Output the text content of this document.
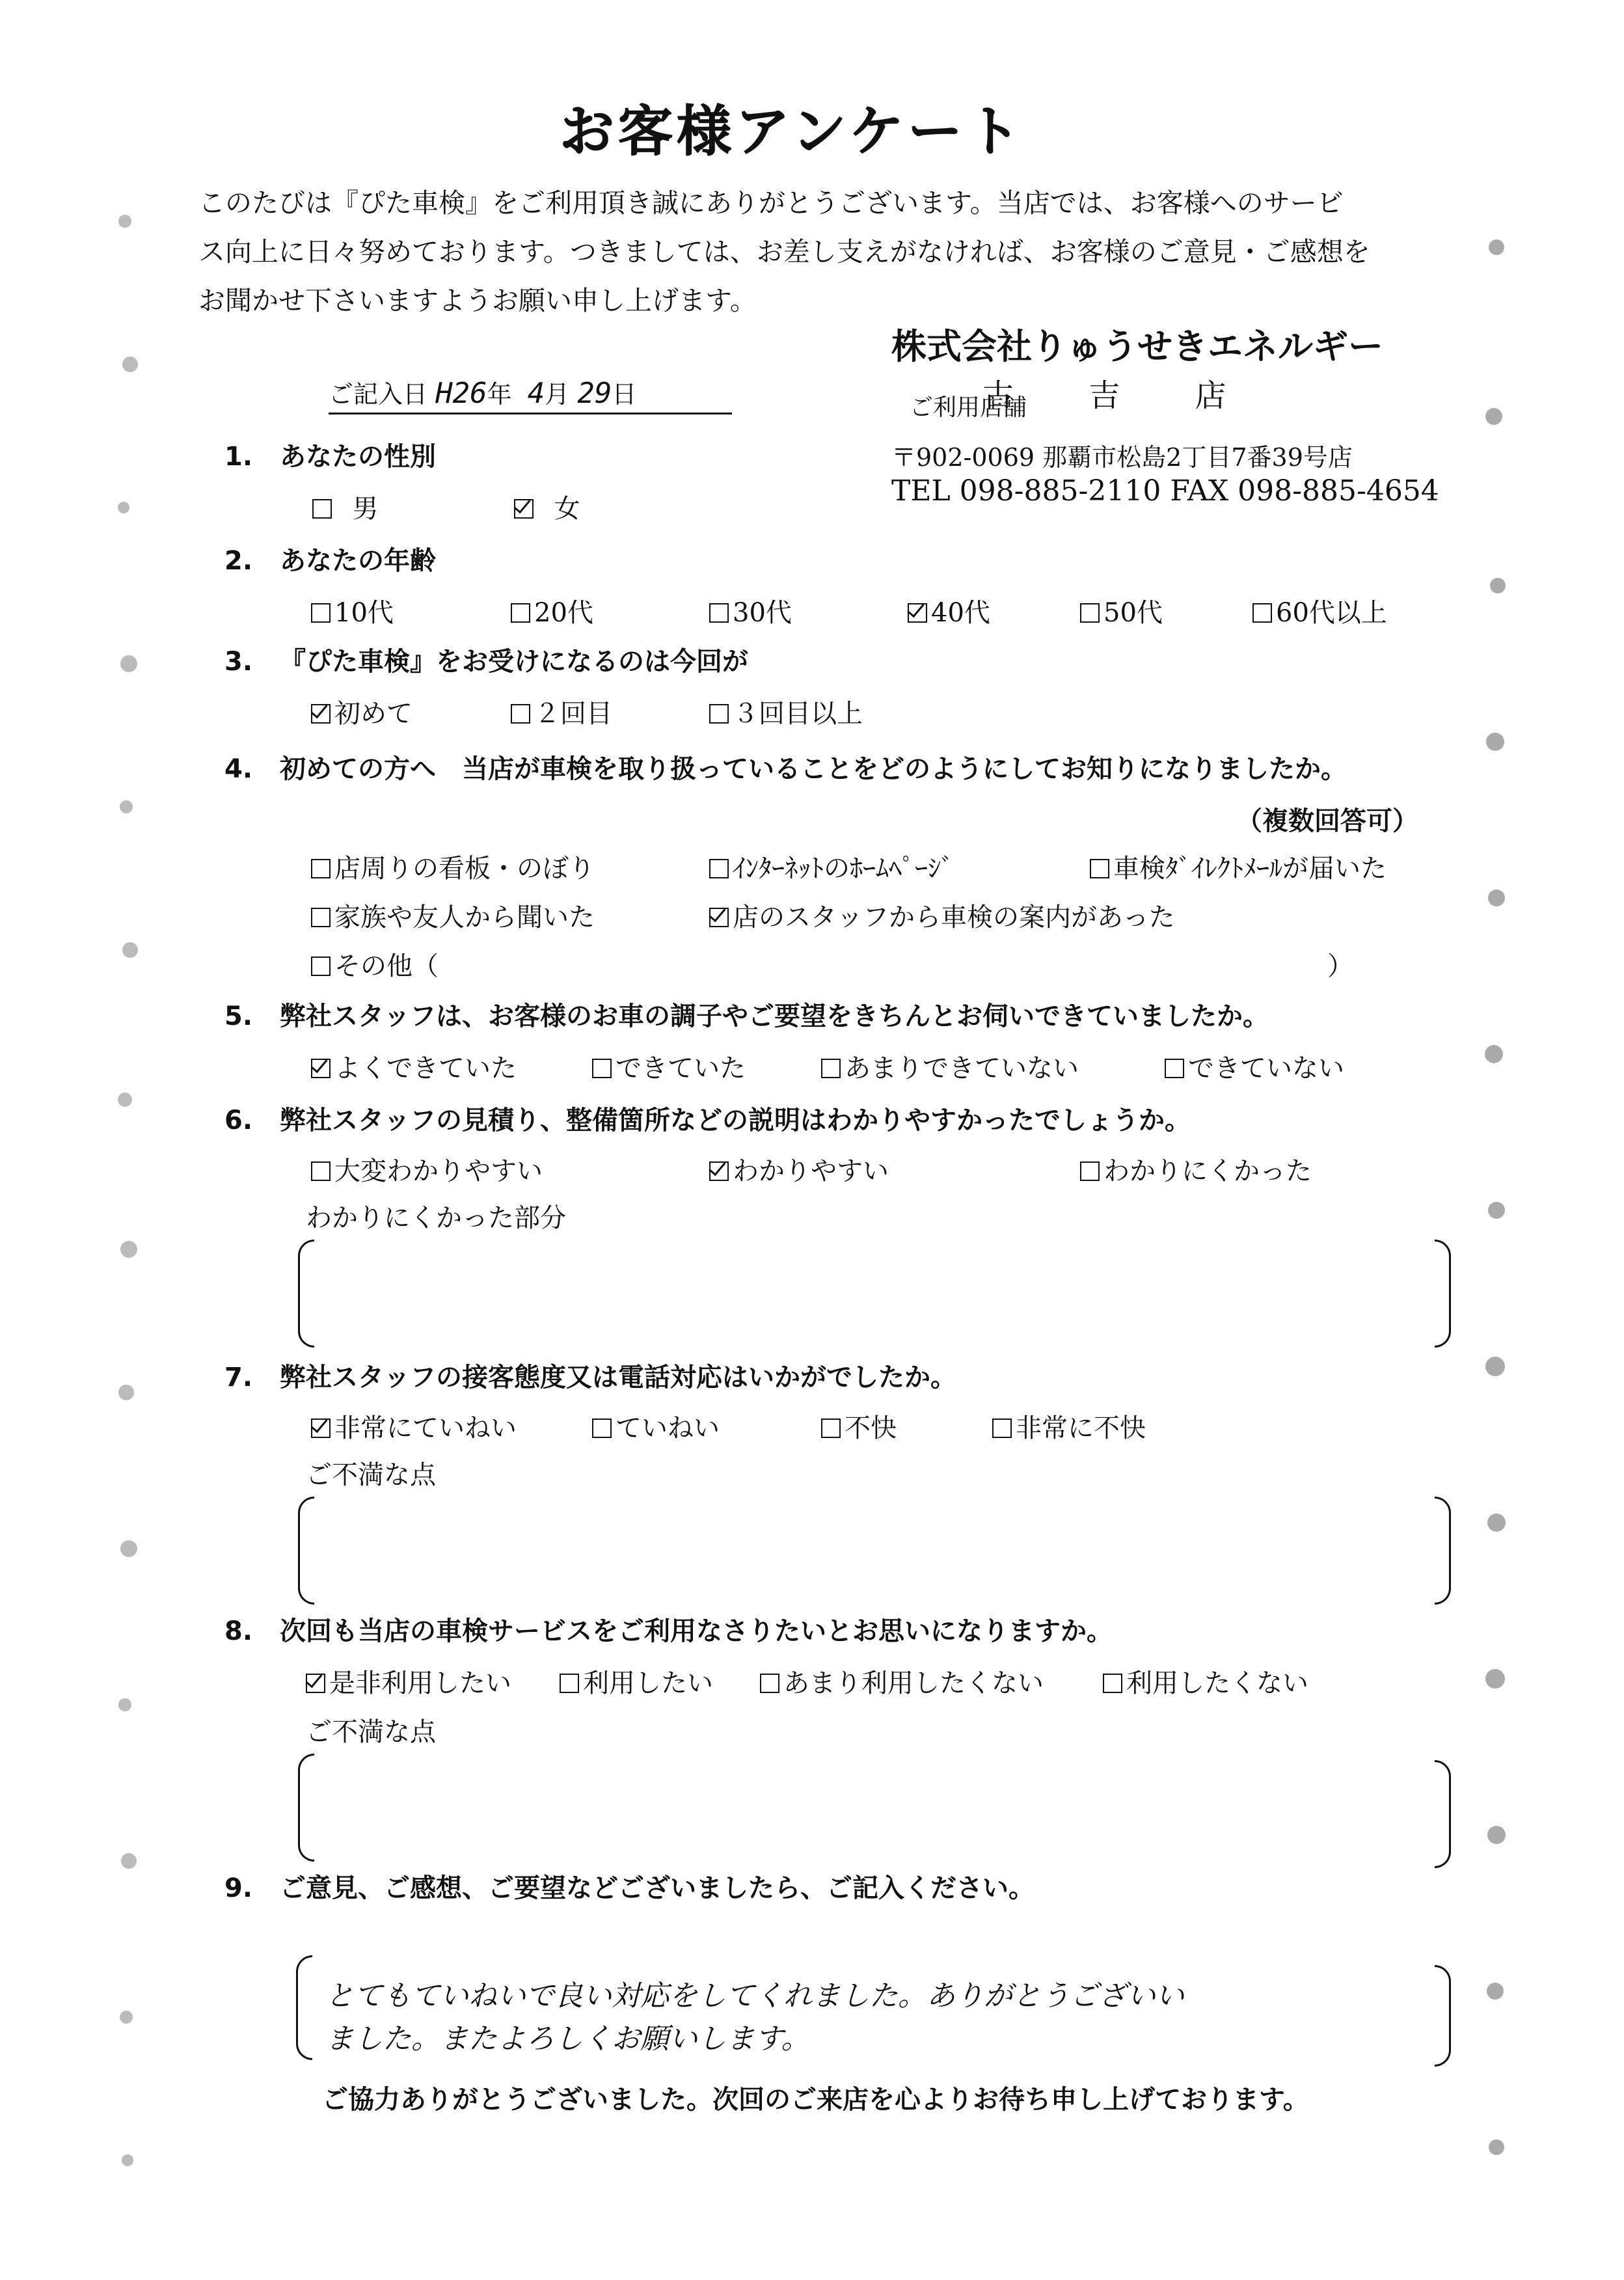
お客様アンケート
このたびは『ぴた車検』をご利用頂き誠にありがとうございます。当店では、お客様へのサービ
ス向上に日々努めております。つきましては、お差し支えがなければ、お客様のご意見・ご感想を
お聞かせ下さいますようお願い申し上げます。
株式会社りゅうせきエネルギー
古 吉 店
ご利用店舗
〒902-0069 那覇市松島2丁目7番39号店
TEL 098-885-2110 FAX 098-885-4654
ご記入日 H26年 4月 29日
1. あなたの性別
男	女
2. あなたの年齢
10代	20代	30代	40代	50代	60代以上
3. 『ぴた車検』をお受けになるのは今回が
初めて	２回目	３回目以上
4. 初めての方へ　当店が車検を取り扱っていることをどのようにしてお知りになりましたか。
（複数回答可）
店周りの看板・のぼり	ｲﾝﾀｰﾈｯﾄのﾎｰﾑﾍﾟｰｼﾞ	車検ﾀﾞｲﾚｸﾄﾒｰﾙが届いた
家族や友人から聞いた	店のスタッフから車検の案内があった
その他（	）
5. 弊社スタッフは、お客様のお車の調子やご要望をきちんとお伺いできていましたか。
よくできていた	できていた	あまりできていない	できていない
6. 弊社スタッフの見積り、整備箇所などの説明はわかりやすかったでしょうか。
大変わかりやすい	わかりやすい	わかりにくかった
わかりにくかった部分
7. 弊社スタッフの接客態度又は電話対応はいかがでしたか。
非常にていねい	ていねい	不快	非常に不快
ご不満な点
8. 次回も当店の車検サービスをご利用なさりたいとお思いになりますか。
是非利用したい	利用したい	あまり利用したくない	利用したくない
ご不満な点
9. ご意見、ご感想、ご要望などございましたら、ご記入ください。
とてもていねいで良い対応をしてくれました。ありがとうございい
ました。またよろしくお願いします。
ご協力ありがとうございました。次回のご来店を心よりお待ち申し上げております。
